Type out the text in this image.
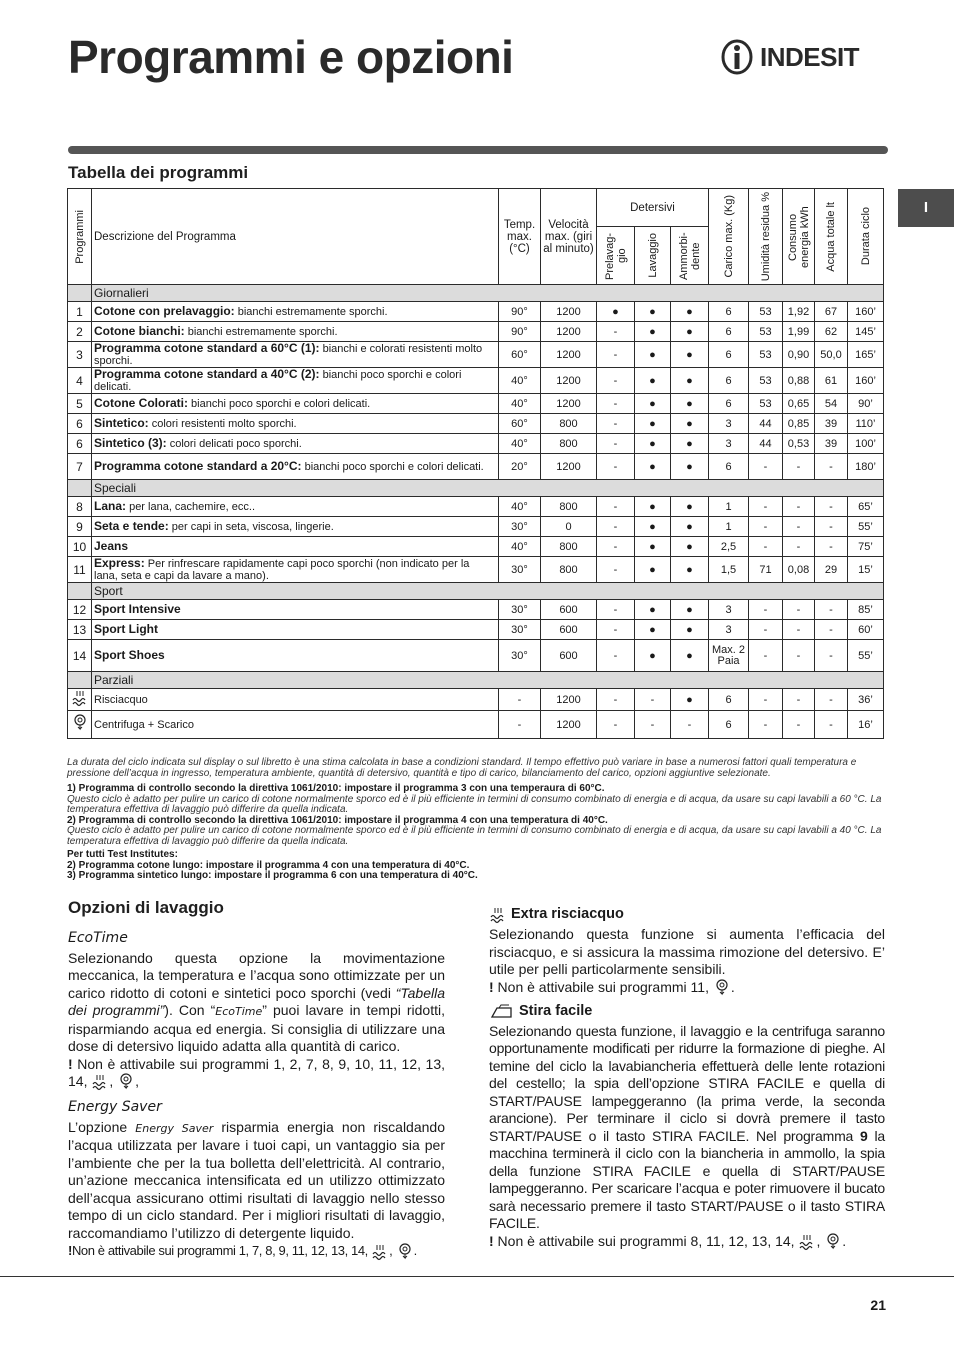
Programmi e opzioni	INDESIT
I
Tabella dei programmi
Programmi	Descrizione del Programma	Temp. max. (°C)	Velocità max. (giri al minuto)	Detersivi			Carico max. (Kg)	Umidità residua %	Consumo energia kWh	Acqua totale lt	Durata ciclo

				Prelavag-gio	Lavaggio	Ammorbi-dente					

	Giornalieri										
1	Cotone con prelavaggio: bianchi estremamente sporchi.	90°	1200	●	●	●	6	53	1,92	67	160’
2	Cotone bianchi: bianchi estremamente sporchi.	90°	1200	-	●	●	6	53	1,99	62	145’
3	Programma cotone standard a 60°C (1): bianchi e colorati resistenti molto sporchi.	60°	1200	-	●	●	6	53	0,90	50,0	165’
4	Programma cotone standard a 40°C (2): bianchi poco sporchi e colori delicati.	40°	1200	-	●	●	6	53	0,88	61	160’
5	Cotone Colorati: bianchi poco sporchi e colori delicati.	40°	1200	-	●	●	6	53	0,65	54	90’
6	Sintetico: colori resistenti molto sporchi.	60°	800	-	●	●	3	44	0,85	39	110’
6	Sintetico (3): colori delicati poco sporchi.	40°	800	-	●	●	3	44	0,53	39	100’
7	Programma cotone standard a 20°C: bianchi poco sporchi e colori delicati.	20°	1200	-	●	●	6	-	-	-	180’
	Speciali										
8	Lana: per lana, cachemire, ecc..	40°	800	-	●	●	1	-	-	-	65’
9	Seta e tende: per capi in seta, viscosa, lingerie.	30°	0	-	●	●	1	-	-	-	55’
10	Jeans	40°	800	-	●	●	2,5	-	-	-	75’
11	Express: Per rinfrescare rapidamente capi poco sporchi (non indicato per la lana, seta e capi da lavare a mano).	30°	800	-	●	●	1,5	71	0,08	29	15’
	Sport										
12	Sport Intensive	30°	600	-	●	●	3	-	-	-	85’
13	Sport Light	30°	600	-	●	●	3	-	-	-	60’
14	Sport Shoes	30°	600	-	●	●	Max. 2 Paia	-	-	-	55’
	Parziali										
	Risciacquo	-	1200	-	-	●	6	-	-	-	36’
	Centrifuga + Scarico	-	1200	-	-	-	6	-	-	-	16’
La durata del ciclo indicata sul display o sul libretto è una stima calcolata in base a condizioni standard. Il tempo effettivo può variare in base a numerosi fattori quali temperatura e pressione dell’acqua in ingresso, temperatura ambiente, quantità di detersivo, quantità e tipo di carico, bilanciamento del carico, opzioni aggiuntive selezionate.
1) Programma di controllo secondo la direttiva 1061/2010: impostare il programma 3 con una temperaura di 60°C.
Questo ciclo è adatto per pulire un carico di cotone normalmente sporco ed è il più efficiente in termini di consumo combinato di energia e di acqua, da usare su capi lavabili a 60 °C. La temperatura effettiva di lavaggio può differire da quella indicata.
2) Programma di controllo secondo la direttiva 1061/2010: impostare il programma 4 con una temperatura di 40°C.
Questo ciclo è adatto per pulire un carico di cotone normalmente sporco ed è il più efficiente in termini di consumo combinato di energia e di acqua, da usare su capi lavabili a 40 °C. La temperatura effettiva di lavaggio può differire da quella indicata.
Per tutti Test Institutes:
2) Programma cotone lungo: impostare il programma 4 con una temperatura di 40°C.
3) Programma sintetico lungo: impostare il programma 6 con una temperatura di 40°C.
Opzioni di lavaggio
EcoTime

Selezionando questa opzione la movimentazione meccanica, la temperatura e l’acqua sono ottimizzate per un carico ridotto di cotoni e sintetici poco sporchi (vedi “Tabella dei programmi”). Con “EcoTime” puoi lavare in tempi ridotti, risparmiando acqua ed energia. Si consiglia di utilizzare una dose di detersivo liquido adatta alla quantità di carico.

! Non è attivabile sui programmi 1, 2, 7, 8, 9, 10, 11, 12, 13, 14, , ,

Energy Saver

L’opzione Energy Saver risparmia energia non riscaldando l’acqua utilizzata per lavare i tuoi capi, un vantaggio sia per l’ambiente che per la tua bolletta dell’elettricità. Al contrario, un’azione meccanica intensificata ed un utilizzo ottimizzato dell’acqua assicurano ottimi risultati di lavaggio nello stesso tempo di un ciclo standard. Per i migliori risultati di lavaggio, raccomandiamo l’utilizzo di detergente liquido.

!Non è attivabile sui programmi 1, 7, 8, 9, 11, 12, 13, 14, , .

Extra risciacquo

Selezionando questa funzione si aumenta l’efficacia del risciacquo, e si assicura la massima rimozione del detersivo. E’ utile per pelli particolarmente sensibili.

! Non è attivabile sui programmi 11, .

Stira facile

Selezionando questa funzione, il lavaggio e la centrifuga saranno opportunamente modificati per ridurre la formazione di pieghe. Al temine del ciclo la lavabiancheria effettuerà delle lente rotazioni del cestello; la spia dell’opzione STIRA FACILE e quella di START/PAUSE lampeggeranno (la prima verde, la seconda arancione). Per terminare il ciclo si dovrà premere il tasto START/PAUSE o il tasto STIRA FACILE. Nel programma 9 la macchina terminerà il ciclo con la biancheria in ammollo, la spia della funzione STIRA FACILE e quella di START/PAUSE lampeggeranno. Per scaricare l’acqua e poter rimuovere il bucato sarà necessario premere il tasto START/PAUSE o il tasto STIRA FACILE.

! Non è attivabile sui programmi 8, 11, 12, 13, 14, , .

21
